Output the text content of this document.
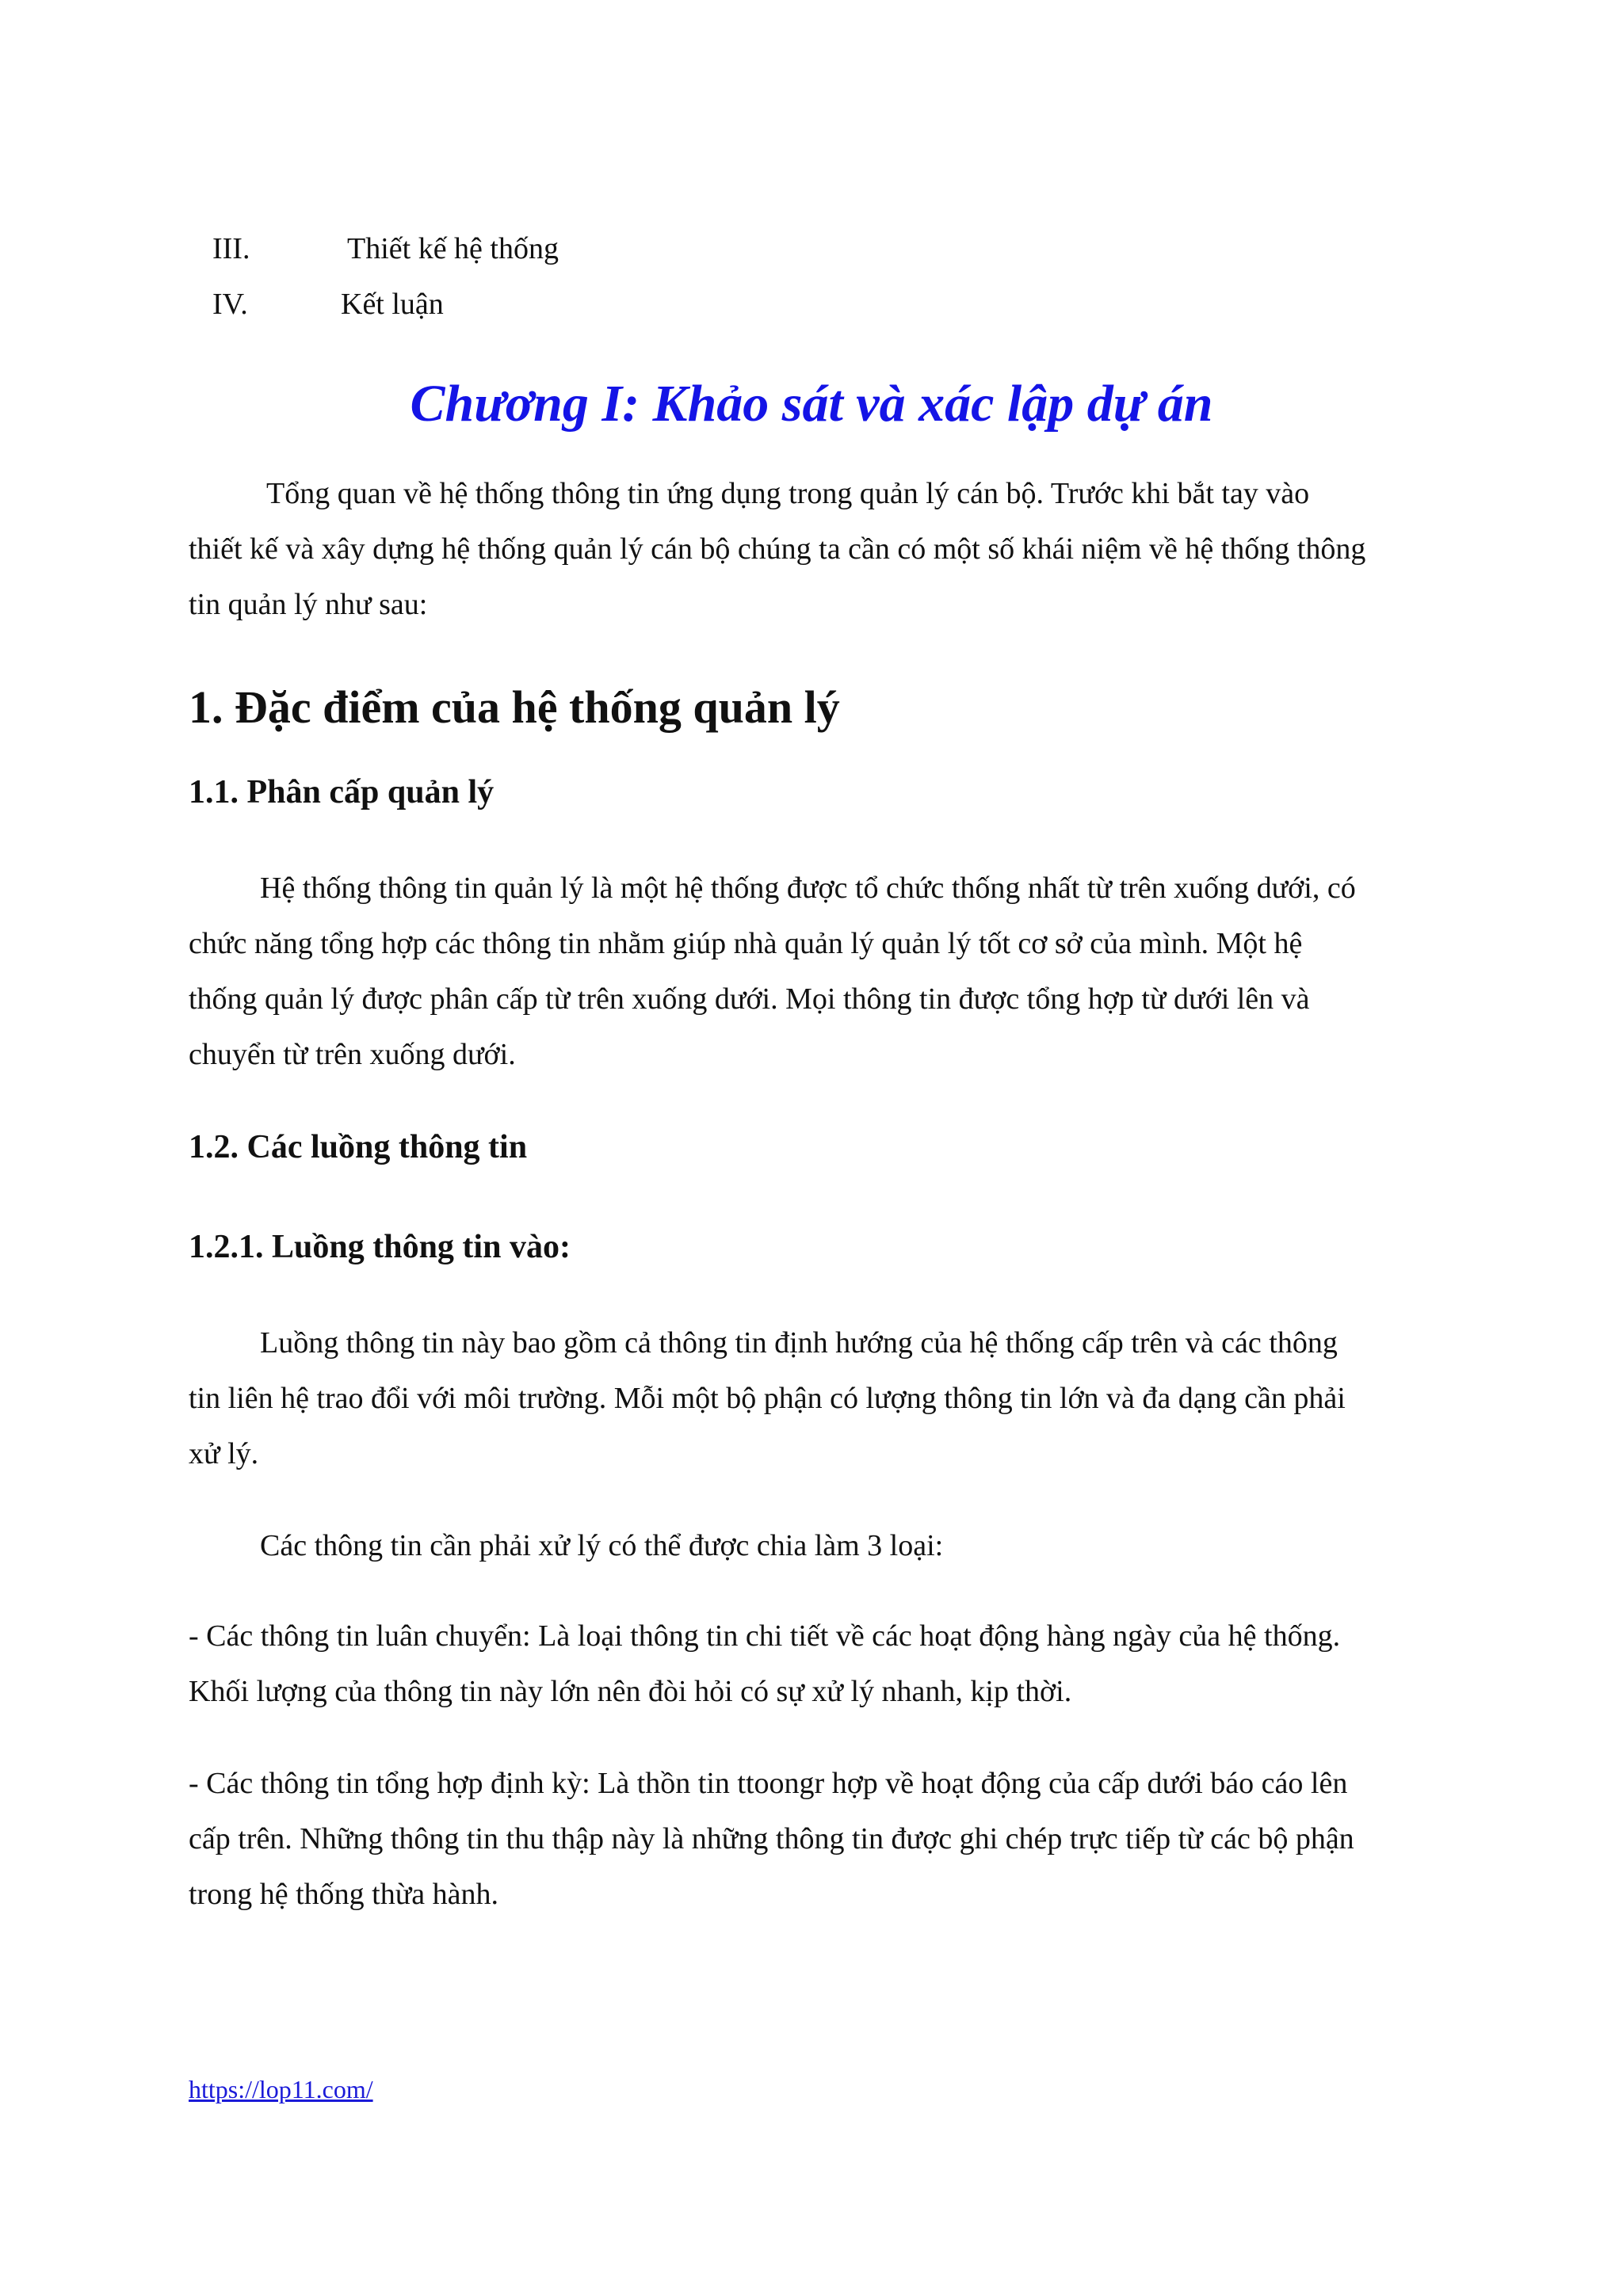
III.	Thiết kế hệ thống
IV.	Kết luận
Chương I: Khảo sát và xác lập dự án
Tổng quan về hệ thống thông tin ứng dụng trong quản lý cán bộ. Trước khi bắt tay vào
thiết kế và xây dựng hệ thống quản lý cán bộ chúng ta cần có một số khái niệm về hệ thống thông
tin quản lý như sau:
1. Đặc điểm của hệ thống quản lý
1.1. Phân cấp quản lý
Hệ thống thông tin quản lý là một hệ thống được tổ chức thống nhất từ trên xuống dưới, có
chức năng tổng hợp các thông tin nhằm giúp nhà quản lý quản lý tốt cơ sở của mình. Một hệ
thống quản lý được phân cấp từ trên xuống dưới. Mọi thông tin được tổng hợp từ dưới lên và
chuyển từ trên xuống dưới.
1.2. Các luồng thông tin
1.2.1. Luồng thông tin vào:
Luồng thông tin này bao gồm cả thông tin định hướng của hệ thống cấp trên và các thông
tin liên hệ trao đổi với môi trường. Mỗi một bộ phận có lượng thông tin lớn và đa dạng cần phải
xử lý.
Các thông tin cần phải xử lý có thể được chia làm 3 loại:
- Các thông tin luân chuyển: Là loại thông tin chi tiết về các hoạt động hàng ngày của hệ thống.
Khối lượng của thông tin này lớn nên đòi hỏi có sự xử lý nhanh, kịp thời.
- Các thông tin tổng hợp định kỳ: Là thồn tin ttoongr hợp về hoạt động của cấp dưới báo cáo lên
cấp trên. Những thông tin thu thập này là những thông tin được ghi chép trực tiếp từ các bộ phận
trong hệ thống thừa hành.
https://lop11.com/
